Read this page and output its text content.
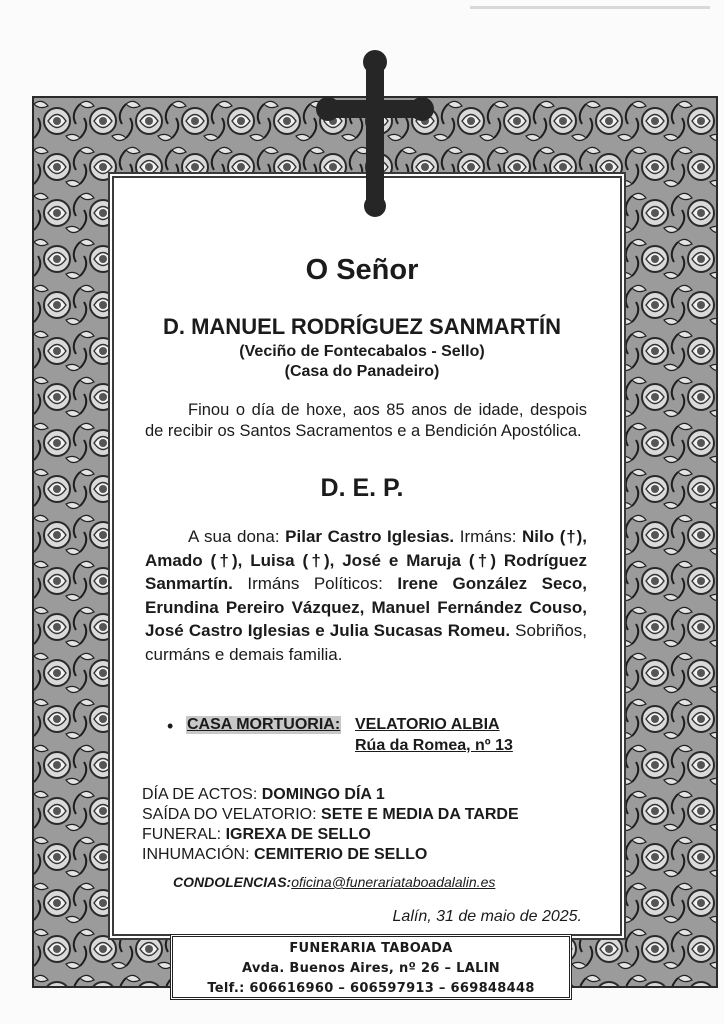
O Señor
D. MANUEL RODRÍGUEZ SANMARTÍN
(Veciño de Fontecabalos - Sello)
(Casa do Panadeiro)
Finou o día de hoxe, aos 85 anos de idade, despois de recibir os Santos Sacramentos e a Bendición Apostólica.
D. E. P.
A sua dona: Pilar Castro Iglesias. Irmáns: Nilo (†), Amado (†), Luisa (†), José e Maruja (†) Rodríguez Sanmartín. Irmáns Políticos: Irene González Seco, Erundina Pereiro Vázquez, Manuel Fernández Couso, José Castro Iglesias e Julia Sucasas Romeu. Sobriños, curmáns e demais familia.
• CASA MORTUORIA: VELATORIO ALBIA
Rúa da Romea, nº 13
DÍA DE ACTOS: DOMINGO DÍA 1
SAÍDA DO VELATORIO: SETE E MEDIA DA TARDE
FUNERAL: IGREXA DE SELLO
INHUMACIÓN: CEMITERIO DE SELLO
CONDOLENCIAS:oficina@funerariataboadalalin.es
Lalín, 31 de maio de 2025.
FUNERARIA TABOADA
Avda. Buenos Aires, nº 26 – LALIN
Telf.: 606616960 – 606597913 – 669848448
